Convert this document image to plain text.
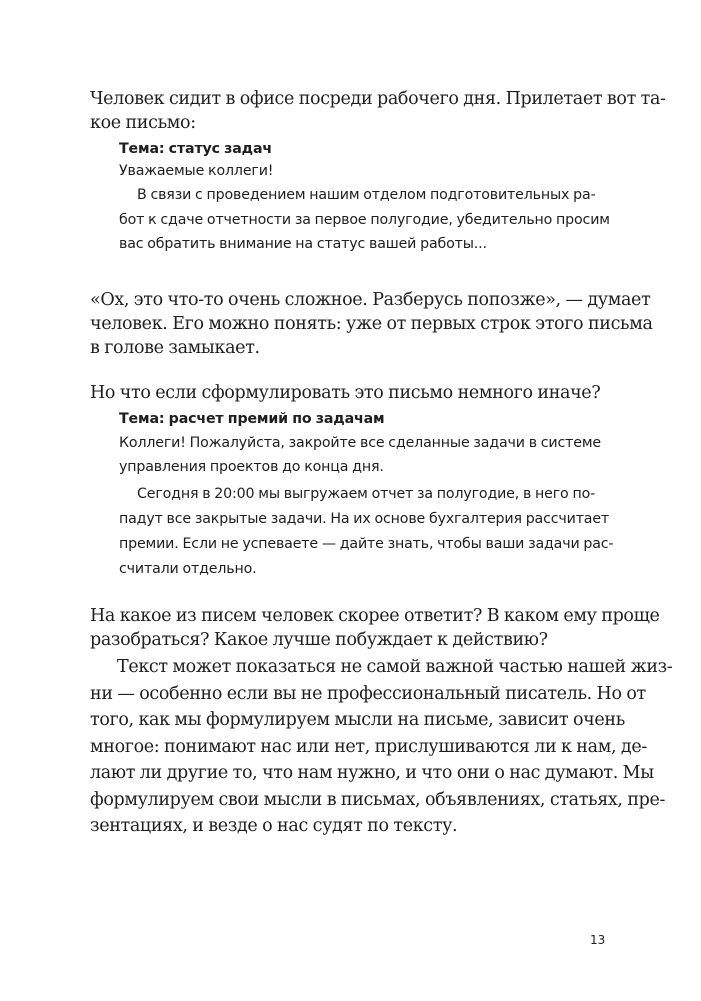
Человек сидит в офисе посреди рабочего дня. Прилетает вот та-

кое письмо:

Тема: статус задач

Уважаемые коллеги!

В связи с проведением нашим отделом подготовительных ра-

бот к сдаче отчетности за первое полугодие, убедительно просим

вас обратить внимание на статус вашей работы...

«Ох, это что-то очень сложное. Разберусь попозже», — думает

человек. Его можно понять: уже от первых строк этого письма

в голове замыкает.

Но что если сформулировать это письмо немного иначе?

Тема: расчет премий по задачам

Коллеги! Пожалуйста, закройте все сделанные задачи в системе

управления проектов до конца дня.

Сегодня в 20:00 мы выгружаем отчет за полугодие, в него по-

падут все закрытые задачи. На их основе бухгалтерия рассчитает

премии. Если не успеваете — дайте знать, чтобы ваши задачи рас-

считали отдельно.

На какое из писем человек скорее ответит? В каком ему проще

разобраться? Какое лучше побуждает к действию?

Текст может показаться не самой важной частью нашей жиз-

ни — особенно если вы не профессиональный писатель. Но от

того, как мы формулируем мысли на письме, зависит очень

многое: понимают нас или нет, прислушиваются ли к нам, де-

лают ли другие то, что нам нужно, и что они о нас думают. Мы

формулируем свои мысли в письмах, объявлениях, статьях, пре-

зентациях, и везде о нас судят по тексту.

13
